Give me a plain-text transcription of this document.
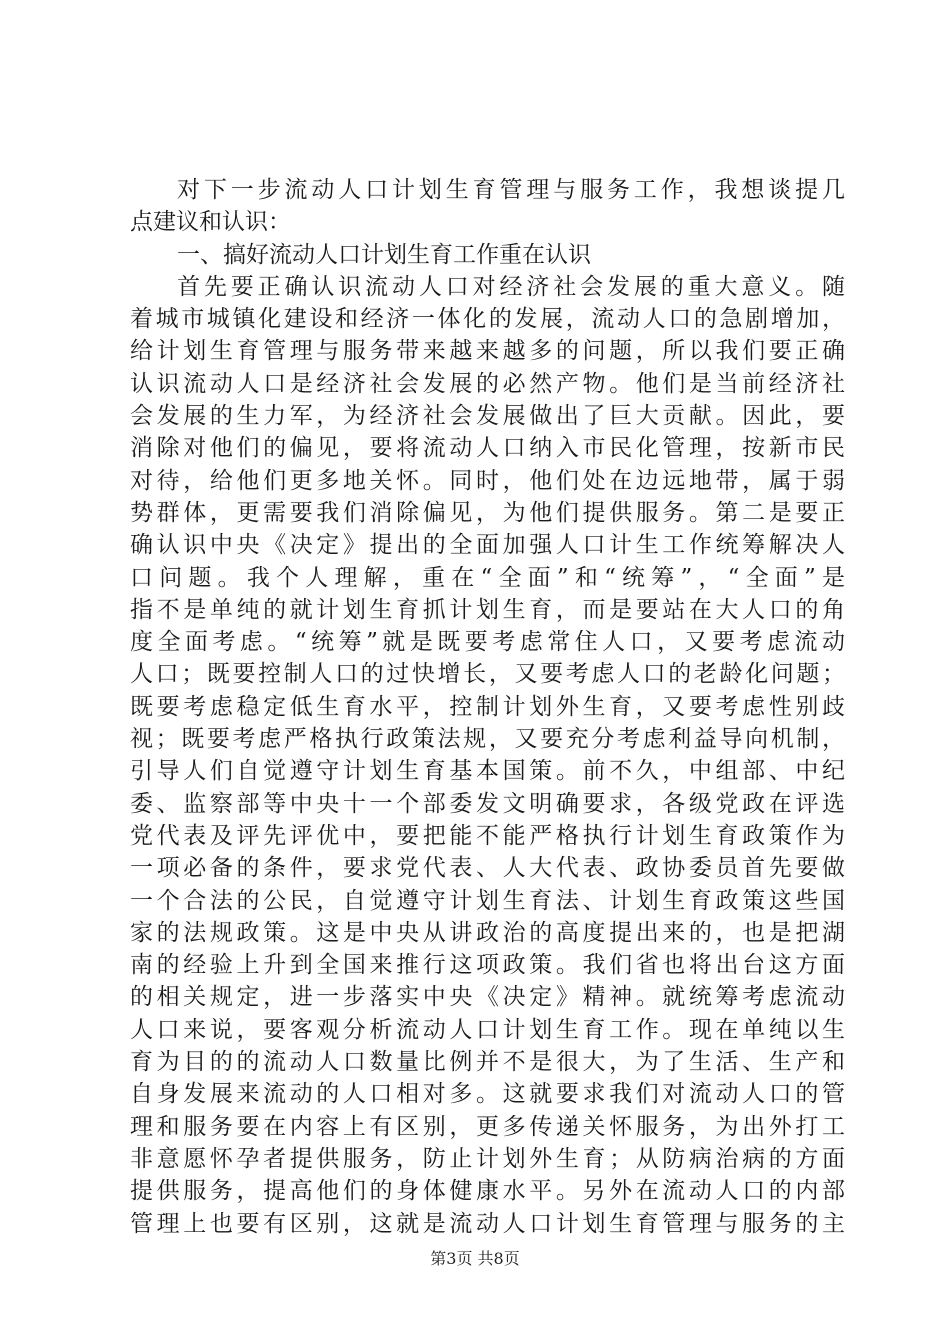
对下一步流动人口计划生育管理与服务工作，我想谈提几
点建议和认识：
一、搞好流动人口计划生育工作重在认识
首先要正确认识流动人口对经济社会发展的重大意义。随
着城市城镇化建设和经济一体化的发展，流动人口的急剧增加，
给计划生育管理与服务带来越来越多的问题，所以我们要正确
认识流动人口是经济社会发展的必然产物。他们是当前经济社
会发展的生力军，为经济社会发展做出了巨大贡献。因此，要
消除对他们的偏见，要将流动人口纳入市民化管理，按新市民
对待，给他们更多地关怀。同时，他们处在边远地带，属于弱
势群体，更需要我们消除偏见，为他们提供服务。第二是要正
确认识中央《决定》提出的全面加强人口计生工作统筹解决人
口问题。我个人理解，重在“全面”和“统筹”，“全面”是
指不是单纯的就计划生育抓计划生育，而是要站在大人口的角
度全面考虑。“统筹”就是既要考虑常住人口，又要考虑流动
人口；既要控制人口的过快增长，又要考虑人口的老龄化问题；
既要考虑稳定低生育水平，控制计划外生育，又要考虑性别歧
视；既要考虑严格执行政策法规，又要充分考虑利益导向机制，
引导人们自觉遵守计划生育基本国策。前不久，中组部、中纪
委、监察部等中央十一个部委发文明确要求，各级党政在评选
党代表及评先评优中，要把能不能严格执行计划生育政策作为
一项必备的条件，要求党代表、人大代表、政协委员首先要做
一个合法的公民，自觉遵守计划生育法、计划生育政策这些国
家的法规政策。这是中央从讲政治的高度提出来的，也是把湖
南的经验上升到全国来推行这项政策。我们省也将出台这方面
的相关规定，进一步落实中央《决定》精神。就统筹考虑流动
人口来说，要客观分析流动人口计划生育工作。现在单纯以生
育为目的的流动人口数量比例并不是很大，为了生活、生产和
自身发展来流动的人口相对多。这就要求我们对流动人口的管
理和服务要在内容上有区别，更多传递关怀服务，为出外打工
非意愿怀孕者提供服务，防止计划外生育；从防病治病的方面
提供服务，提高他们的身体健康水平。另外在流动人口的内部
管理上也要有区别，这就是流动人口计划生育管理与服务的主
第3页 共8页
